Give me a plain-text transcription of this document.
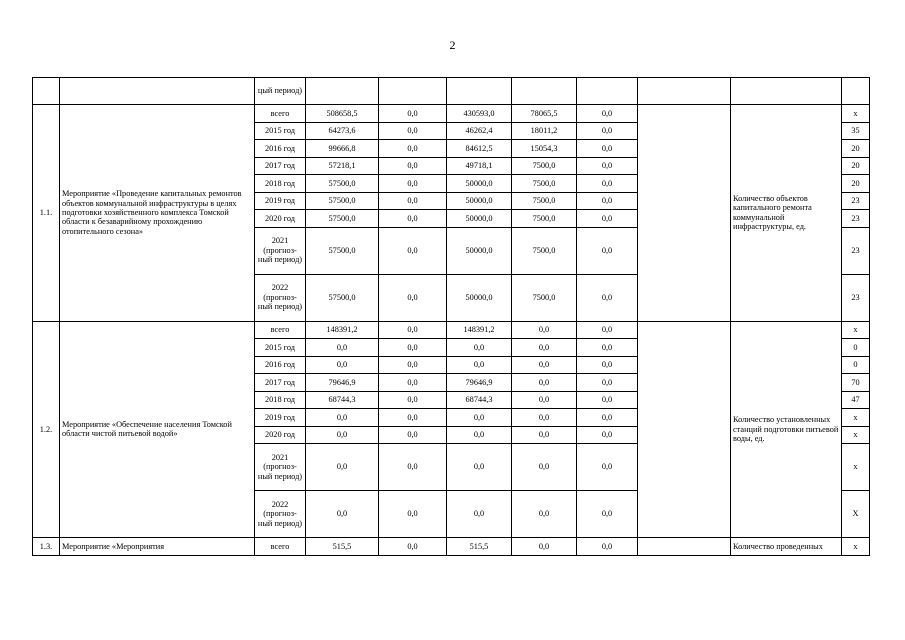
2
		цый период)								
1.1.	Мероприятие «Проведение капитальных ремонтов объектов коммунальной инфраструктуры в целях подготовки хозяйственного комплекса Томской области к безаварийному прохождению отопительного сезона»	всего	508658,5	0,0	430593,0	78065,5	0,0		Количество объектов капитального ремонта коммунальной инфраструктуры, ед.	х
		2015 год	64273,6	0,0	46262,4	18011,2	0,0			35
		2016 год	99666,8	0,0	84612,5	15054,3	0,0			20
		2017 год	57218,1	0,0	49718,1	7500,0	0,0			20
		2018 год	57500,0	0,0	50000,0	7500,0	0,0			20
		2019 год	57500,0	0,0	50000,0	7500,0	0,0			23
		2020 год	57500,0	0,0	50000,0	7500,0	0,0			23
		2021 (прогноз-ный период)	57500,0	0,0	50000,0	7500,0	0,0			23
		2022 (прогноз-ный период)	57500,0	0,0	50000,0	7500,0	0,0			23
1.2.	Мероприятие «Обеспечение населения Томской области чистой питьевой водой»	всего	148391,2	0,0	148391,2	0,0	0,0		Количество установленных станций подготовки питьевой воды, ед.	х
		2015 год	0,0	0,0	0,0	0,0	0,0			0
		2016 год	0,0	0,0	0,0	0,0	0,0			0
		2017 год	79646,9	0,0	79646,9	0,0	0,0			70
		2018 год	68744,3	0,0	68744,3	0,0	0,0			47
		2019 год	0,0	0,0	0,0	0,0	0,0			х
		2020 год	0,0	0,0	0,0	0,0	0,0			х
		2021 (прогноз-ный период)	0,0	0,0	0,0	0,0	0,0			х
		2022 (прогноз-ный период)	0,0	0,0	0,0	0,0	0,0			Х
1.3.	Мероприятие «Мероприятия	всего	515,5	0,0	515,5	0,0	0,0		Количество проведенных	х
